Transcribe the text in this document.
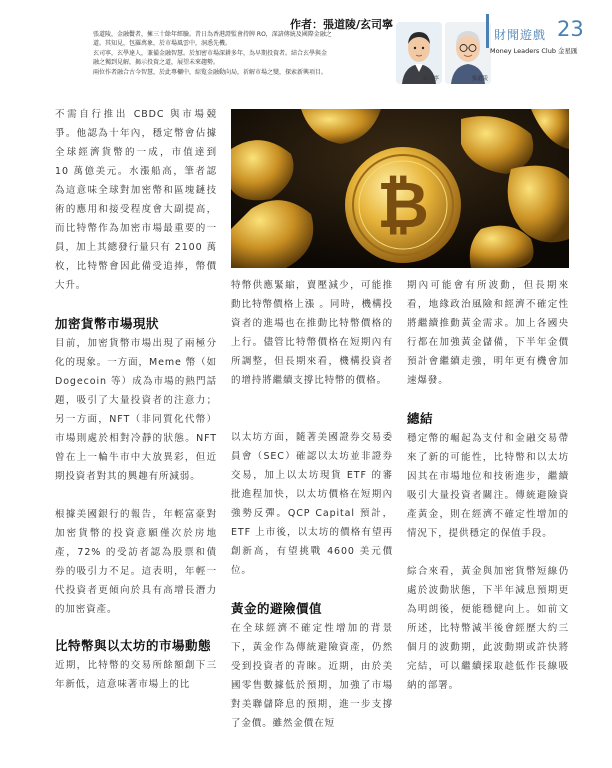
作者：張道陵/玄司寧

張道陵，金融鬢者，擁三十餘年經驗。昔日為香港證監會持牌 RO，深諳傳統及國際金融之

道。其知見，包羅萬象，於市場風雲中，洞悉先機。

玄司寧，玄學達人，兼備金融智慧。於加密市場深耕多年，為早期投資者。結合玄學與金

融之獨到見解，揭示投資之道，展望未來趨勢。

兩位作者融合古今智慧，於此專欄中，綜覧金融動向局，祈解市場之變，探索新興項目。

玄司寧	張道陵
財聞遊戲 23
Money Leaders Club 金星匯

不需自行推出 CBDC 與市場競爭。他認為十年內，穩定幣會佔據全球經濟貨幣的一成，市值達到 10 萬億美元。水漲船高，筆者認為這意味全球對加密幣和區塊鏈技術的應用和接受程度會大副提高，而比特幣作為加密市場最重要的一員，加上其總發行量只有 2100 萬枚，比特幣會因此備受追捧，幣價大升。

加密貨幣市場現狀

目前，加密貨幣市場出現了兩極分化的現象。一方面，Meme 幣（如 Dogecoin 等）成為市場的熱門話題，吸引了大量投資者的注意力；另一方面，NFT（非同質化代幣）市場則處於相對冷靜的狀態。NFT 曾在上一輪牛市中大放異彩，但近期投資者對其的興趣有所減弱。

根據美國銀行的報告，年輕富豪對加密貨幣的投資意願僅次於房地產，72% 的受訪者認為股票和債券的吸引力不足。這表明，年輕一代投資者更傾向於具有高增長潛力的加密資產。

比特幣與以太坊的市場動態

近期，比特幣的交易所餘額創下三年新低，這意味著市場上的比

₿

特幣供應緊縮，賣壓減少，可能推動比特幣價格上漲 。同時，機構投資者的進場也在推動比特幣價格的上行。儘管比特幣價格在短期內有所調整，但長期來看，機構投資者的增持將繼續支撐比特幣的價格。

以太坊方面，隨著美國證券交易委員會（SEC）確認以太坊並非證券交易，加上以太坊現貨 ETF 的審批進程加快，以太坊價格在短期內強勢反彈。QCP Capital 預計，ETF 上市後，以太坊的價格有望再創新高，有望挑戰 4600 美元價位。

黃金的避險價值

在全球經濟不確定性增加的背景下，黃金作為傳統避險資產，仍然受到投資者的青睞。近期，由於美國零售數據低於預期，加強了市場對美聯儲降息的預期，進一步支撐了金價。雖然金價在短

期內可能會有所波動，但長期來看，地緣政治風險和經濟不確定性將繼續推動黃金需求。加上各國央行都在加強黃金儲備，下半年金價預計會繼續走強，明年更有機會加速爆發。

總結

穩定幣的崛起為支付和金融交易帶來了新的可能性，比特幣和以太坊因其在市場地位和技術進步，繼續吸引大量投資者關注。傳統避險資產黃金，則在經濟不確定性增加的情況下，提供穩定的保值手段。

綜合來看，黃金與加密貨幣短線仍處於波動狀態，下半年減息預期更為明朗後，便能穩健向上。如前文所述，比特幣減半後會經歷大約三個月的波動期，此波動期或許快將完結，可以繼續採取趁低作長線吸納的部署。
